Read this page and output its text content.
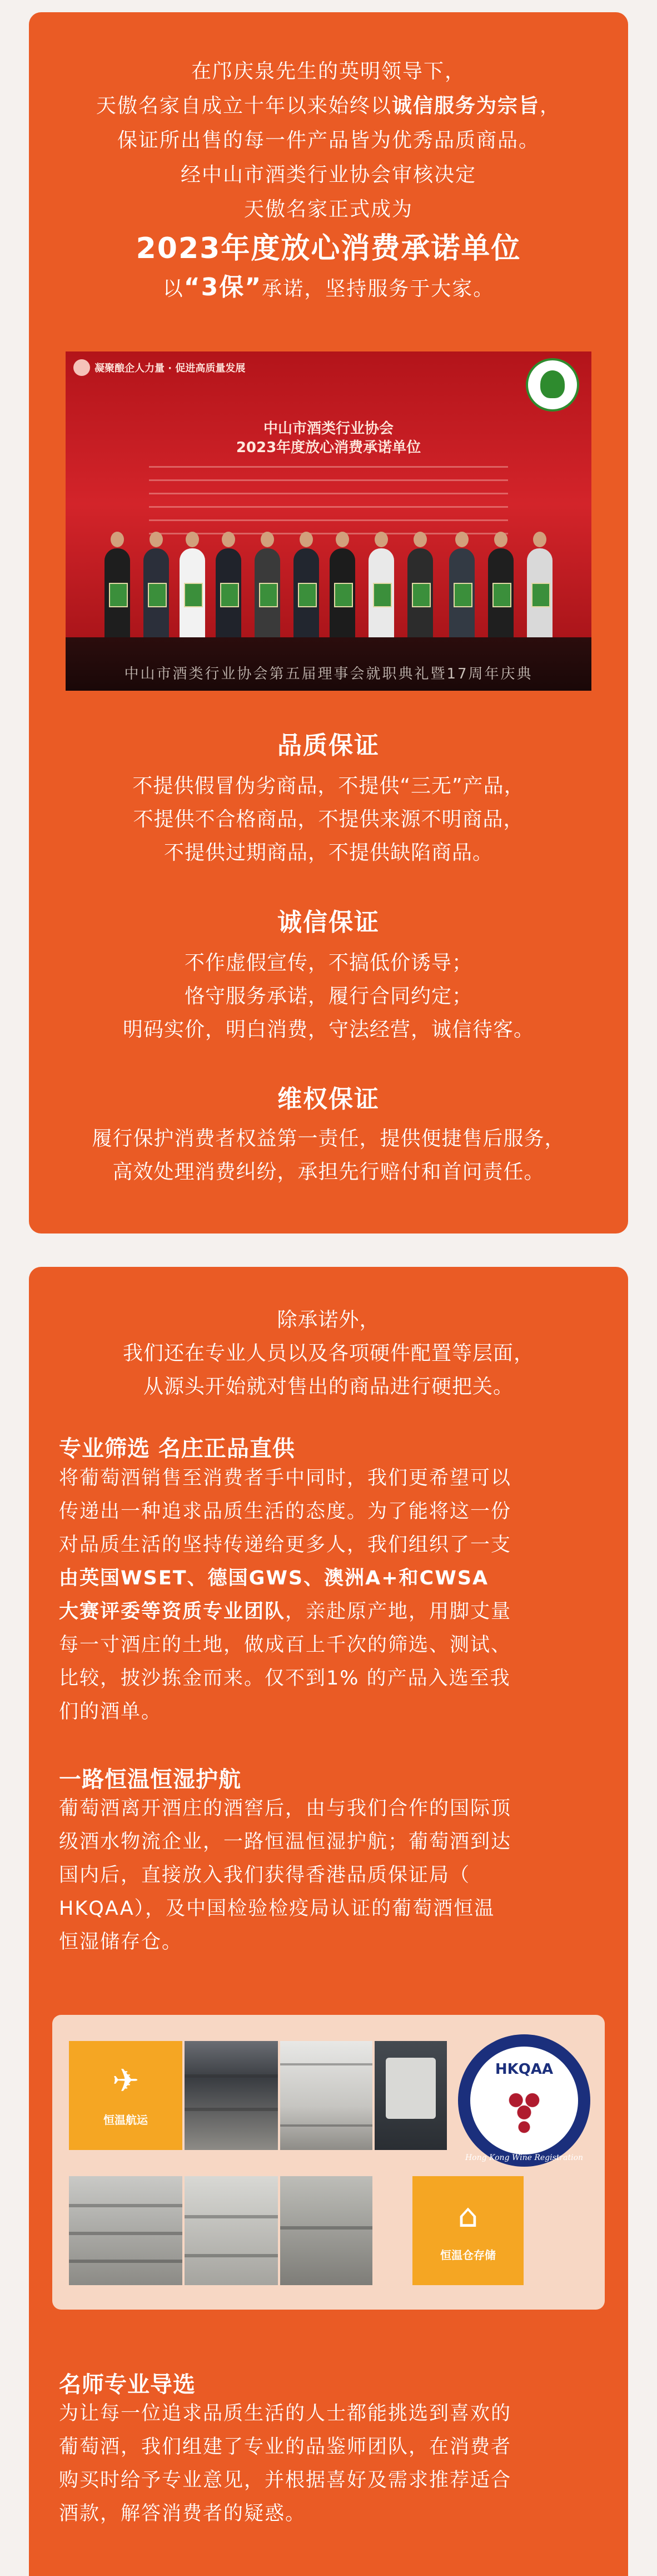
在邝庆泉先生的英明领导下，

天傲名家自成立十年以来始终以诚信服务为宗旨，

保证所出售的每一件产品皆为优秀品质商品。

经中山市酒类行业协会审核决定

天傲名家正式成为

2023年度放心消费承诺单位

以“3保”承诺，坚持服务于大家。

凝聚酿企人力量 · 促进高质量发展
中山市酒类行业协会
2023年度放心消费承诺单位
中山市酒类行业协会第五届理事会就职典礼暨17周年庆典
品质保证

不提供假冒伪劣商品，不提供“三无”产品，

不提供不合格商品，不提供来源不明商品，

不提供过期商品，不提供缺陷商品。

诚信保证

不作虚假宣传，不搞低价诱导；

恪守服务承诺，履行合同约定；

明码实价，明白消费，守法经营，诚信待客。

维权保证

履行保护消费者权益第一责任，提供便捷售后服务，

高效处理消费纠纷，承担先行赔付和首问责任。

除承诺外，

我们还在专业人员以及各项硬件配置等层面，

从源头开始就对售出的商品进行硬把关。

专业筛选 名庄正品直供
将葡萄酒销售至消费者手中同时，我们更希望可以
传递出一种追求品质生活的态度。为了能将这一份
对品质生活的坚持传递给更多人，我们组织了一支
由英国WSET、德国GWS、澳洲A+和CWSA
大赛评委等资质专业团队，亲赴原产地，用脚丈量
每一寸酒庄的土地，做成百上千次的筛选、测试、
比较，披沙拣金而来。仅不到1% 的产品入选至我
们的酒单。
一路恒温恒湿护航
葡萄酒离开酒庄的酒窖后，由与我们合作的国际顶
级酒水物流企业，一路恒温恒湿护航；葡萄酒到达
国内后，直接放入我们获得香港品质保证局（
HKQAA），及中国检验检疫局认证的葡萄酒恒温
恒湿储存仓。
✈
恒温航运
HKQAA
Hong Kong Wine Registration
⌂
恒温仓存储
名师专业导选
为让每一位追求品质生活的人士都能挑选到喜欢的
葡萄酒，我们组建了专业的品鉴师团队，在消费者
购买时给予专业意见，并根据喜好及需求推荐适合
酒款，解答消费者的疑惑。
